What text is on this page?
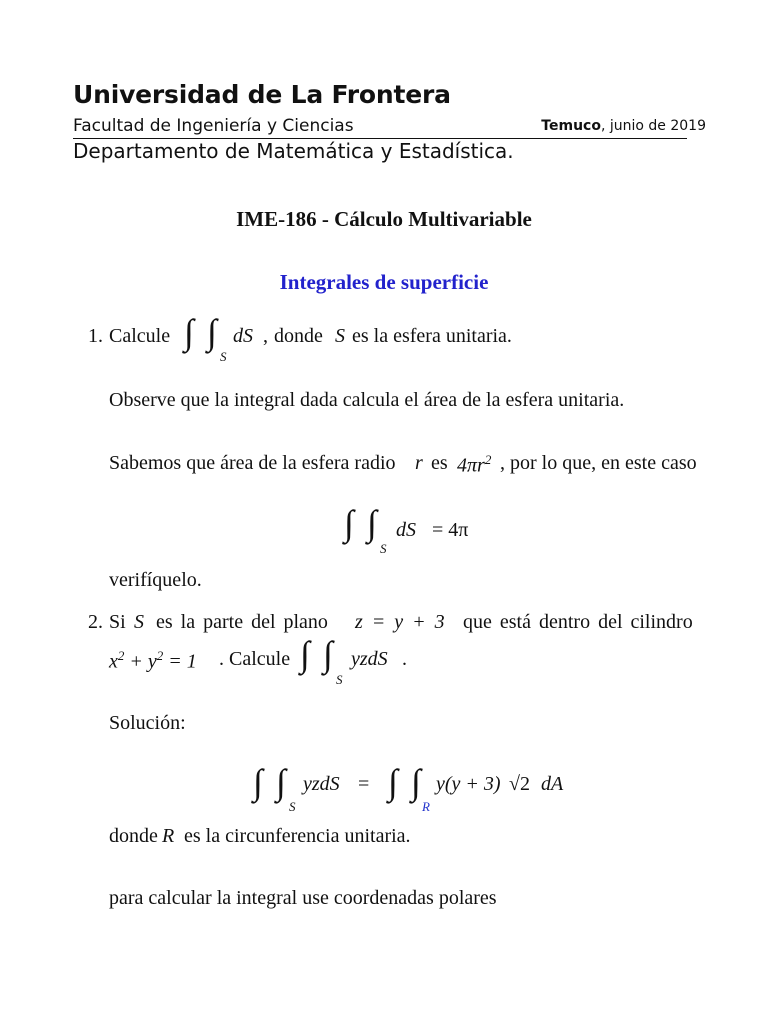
Universidad de La Frontera
Facultad de Ingeniería y Ciencias	Temuco, junio de 2019
Departamento de Matemática y Estadística.
IME-186 - Cálculo Multivariable
Integrales de superficie
1. Calcule ∫ ∫
S
dS , donde S es la esfera unitaria.
Observe que la integral dada calcula el área de la esfera unitaria.
Sabemos que área de la esfera radio r es $4\pi r^2$ , por lo que, en este caso
∫ ∫
S
dS = 4π
verifíquelo.
2. Si S es la parte del plano z = y + 3 que está dentro del cilindro
$x^2 + y^2 = 1$ . Calcule ∫ ∫
S
yzdS .
Solución:
∫ ∫
S
yzdS = ∫ ∫
R
y(y + 3) √2 dA
donde R es la circunferencia unitaria.
para calcular la integral use coordenadas polares
